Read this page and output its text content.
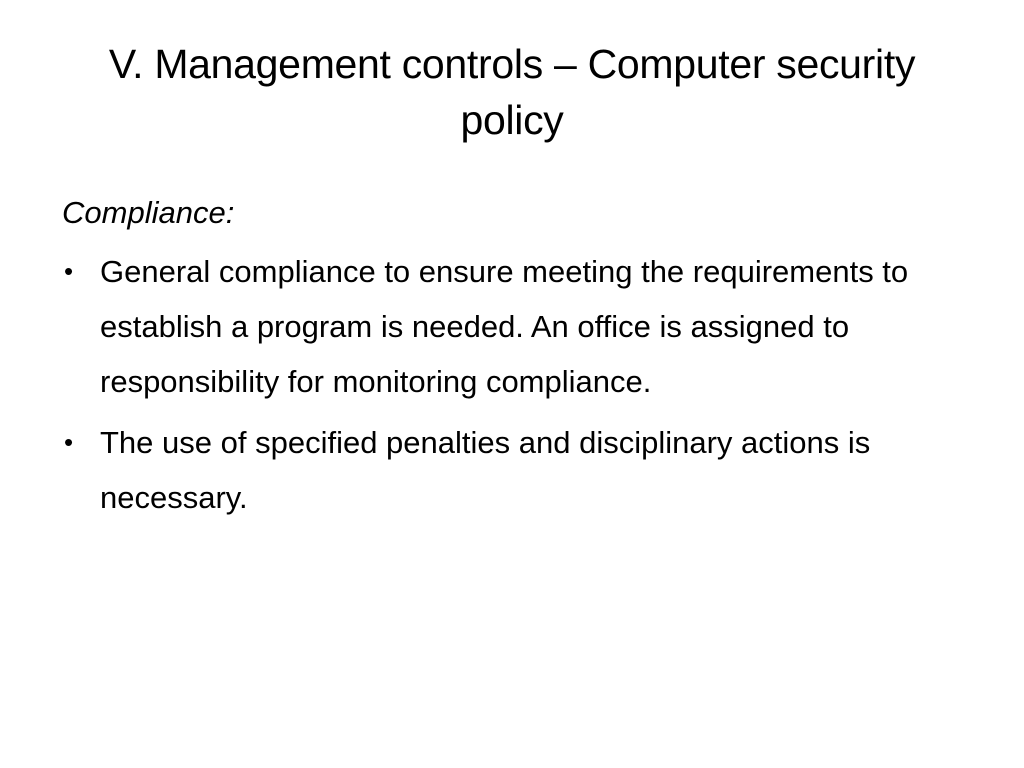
V. Management controls – Computer security policy
Compliance:
• General compliance to ensure meeting the requirements to establish a program is needed. An office is assigned to responsibility for monitoring compliance.
• The use of specified penalties and disciplinary actions is necessary.
